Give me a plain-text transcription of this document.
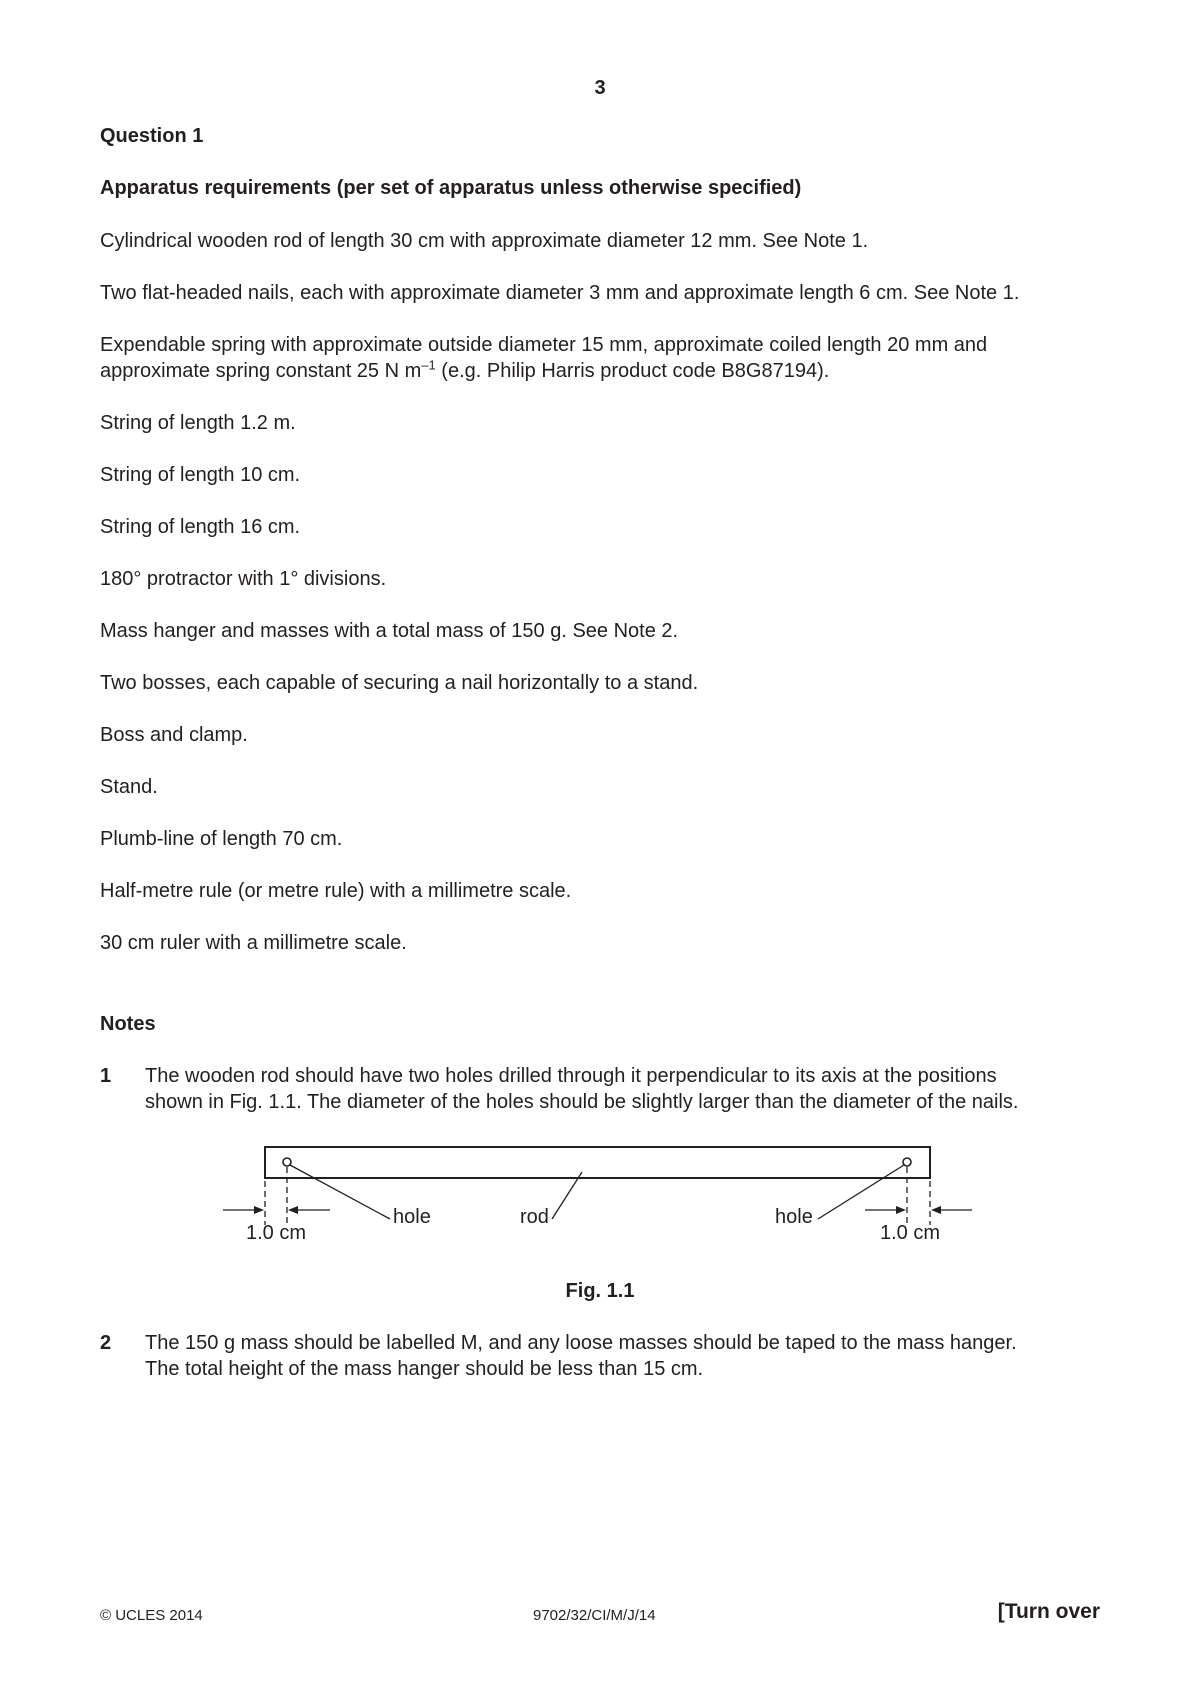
3
Question 1
Apparatus requirements (per set of apparatus unless otherwise specified)
Cylindrical wooden rod of length 30 cm with approximate diameter 12 mm. See Note 1.
Two flat-headed nails, each with approximate diameter 3 mm and approximate length 6 cm. See Note 1.
Expendable spring with approximate outside diameter 15 mm, approximate coiled length 20 mm and
approximate spring constant 25 N $m^{-1}$ (e.g. Philip Harris product code B8G87194).
String of length 1.2 m.
String of length 10 cm.
String of length 16 cm.
180° protractor with 1° divisions.
Mass hanger and masses with a total mass of 150 g. See Note 2.
Two bosses, each capable of securing a nail horizontally to a stand.
Boss and clamp.
Stand.
Plumb-line of length 70 cm.
Half-metre rule (or metre rule) with a millimetre scale.
30 cm ruler with a millimetre scale.
Notes
1 The wooden rod should have two holes drilled through it perpendicular to its axis at the positions
shown in Fig. 1.1. The diameter of the holes should be slightly larger than the diameter of the nails.
hole	rod	hole
1.0 cm	1.0 cm
Fig. 1.1
2 The 150 g mass should be labelled M, and any loose masses should be taped to the mass hanger.
The total height of the mass hanger should be less than 15 cm.
© UCLES 2014	9702/32/CI/M/J/14	[Turn over
